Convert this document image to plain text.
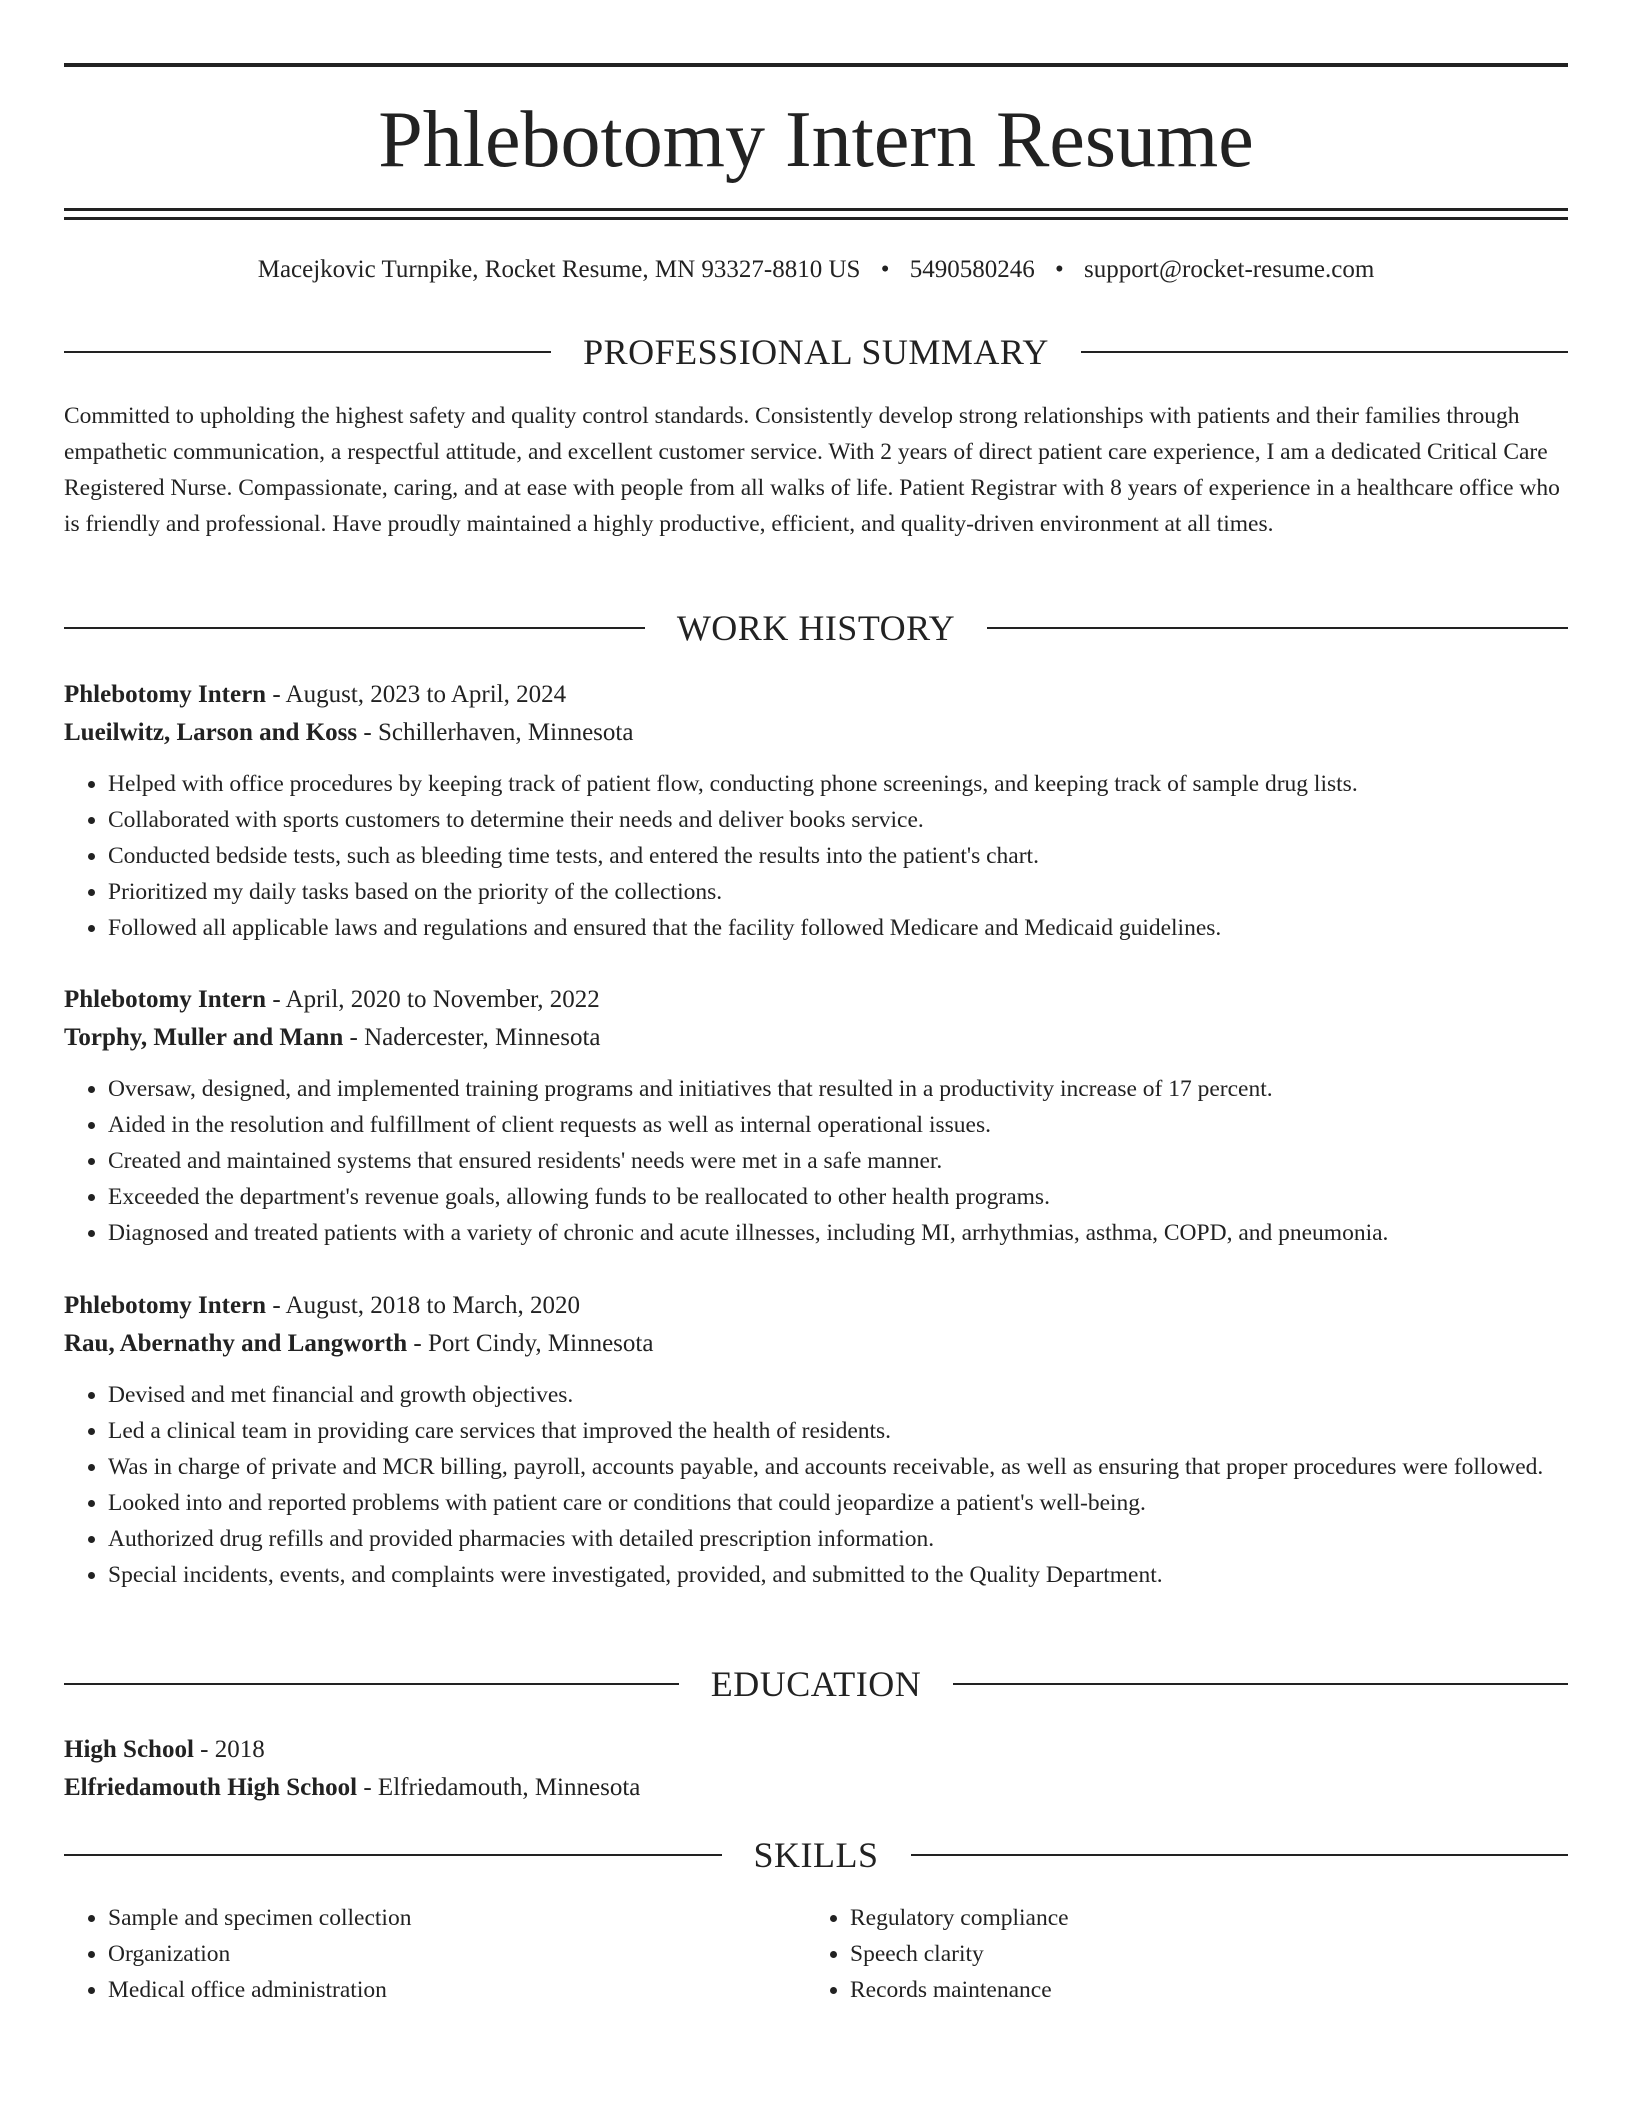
Phlebotomy Intern Resume
Macejkovic Turnpike, Rocket Resume, MN 93327-8810 US • 5490580246 • support@rocket-resume.com
PROFESSIONAL SUMMARY

Committed to upholding the highest safety and quality control standards. Consistently develop strong relationships with patients and their families through empathetic communication, a respectful attitude, and excellent customer service. With 2 years of direct patient care experience, I am a dedicated Critical Care Registered Nurse. Compassionate, caring, and at ease with people from all walks of life. Patient Registrar with 8 years of experience in a healthcare office who is friendly and professional. Have proudly maintained a highly productive, efficient, and quality-driven environment at all times.

WORK HISTORY
Phlebotomy Intern - August, 2023 to April, 2024
Lueilwitz, Larson and Koss - Schillerhaven, Minnesota
• Helped with office procedures by keeping track of patient flow, conducting phone screenings, and keeping track of sample drug lists.
• Collaborated with sports customers to determine their needs and deliver books service.
• Conducted bedside tests, such as bleeding time tests, and entered the results into the patient's chart.
• Prioritized my daily tasks based on the priority of the collections.
• Followed all applicable laws and regulations and ensured that the facility followed Medicare and Medicaid guidelines.
Phlebotomy Intern - April, 2020 to November, 2022
Torphy, Muller and Mann - Nadercester, Minnesota
• Oversaw, designed, and implemented training programs and initiatives that resulted in a productivity increase of 17 percent.
• Aided in the resolution and fulfillment of client requests as well as internal operational issues.
• Created and maintained systems that ensured residents' needs were met in a safe manner.
• Exceeded the department's revenue goals, allowing funds to be reallocated to other health programs.
• Diagnosed and treated patients with a variety of chronic and acute illnesses, including MI, arrhythmias, asthma, COPD, and pneumonia.
Phlebotomy Intern - August, 2018 to March, 2020
Rau, Abernathy and Langworth - Port Cindy, Minnesota
• Devised and met financial and growth objectives.
• Led a clinical team in providing care services that improved the health of residents.
• Was in charge of private and MCR billing, payroll, accounts payable, and accounts receivable, as well as ensuring that proper procedures were followed.
• Looked into and reported problems with patient care or conditions that could jeopardize a patient's well-being.
• Authorized drug refills and provided pharmacies with detailed prescription information.
• Special incidents, events, and complaints were investigated, provided, and submitted to the Quality Department.
EDUCATION
High School - 2018
Elfriedamouth High School - Elfriedamouth, Minnesota
SKILLS
• Sample and specimen collection
• Organization
• Medical office administration
• Regulatory compliance
• Speech clarity
• Records maintenance
